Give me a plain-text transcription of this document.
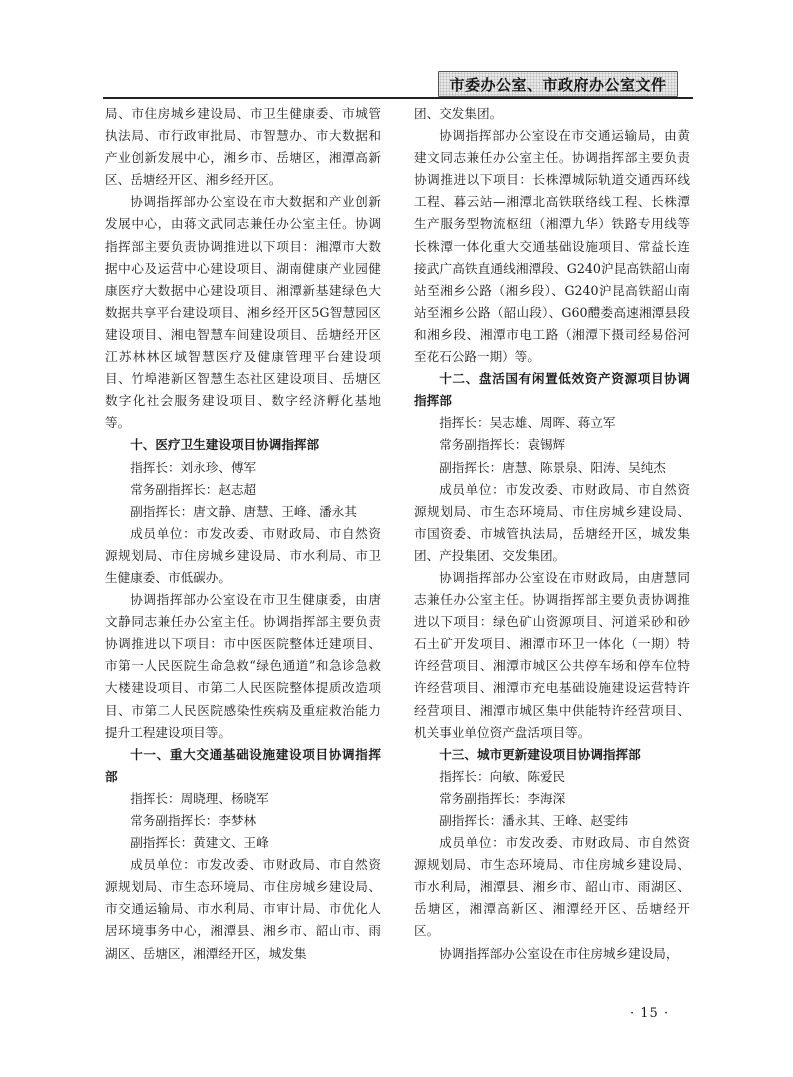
市委办公室、市政府办公室文件

局、市住房城乡建设局、市卫生健康委、市城管执法局、市行政审批局、市智慧办、市大数据和产业创新发展中心，湘乡市、岳塘区，湘潭高新区、岳塘经开区、湘乡经开区。

协调指挥部办公室设在市大数据和产业创新发展中心，由蒋文武同志兼任办公室主任。协调指挥部主要负责协调推进以下项目：湘潭市大数据中心及运营中心建设项目、湖南健康产业园健康医疗大数据中心建设项目、湘潭新基建绿色大数据共享平台建设项目、湘乡经开区5G智慧园区建设项目、湘电智慧车间建设项目、岳塘经开区江苏林林区域智慧医疗及健康管理平台建设项目、竹埠港新区智慧生态社区建设项目、岳塘区数字化社会服务建设项目、数字经济孵化基地等。

十、医疗卫生建设项目协调指挥部

指挥长：刘永珍、傅军

常务副指挥长：赵志超

副指挥长：唐文静、唐慧、王峰、潘永其

成员单位：市发改委、市财政局、市自然资源规划局、市住房城乡建设局、市水利局、市卫生健康委、市低碳办。

协调指挥部办公室设在市卫生健康委，由唐文静同志兼任办公室主任。协调指挥部主要负责协调推进以下项目：市中医医院整体迁建项目、市第一人民医院生命急救“绿色通道”和急诊急救大楼建设项目、市第二人民医院整体提质改造项目、市第二人民医院感染性疾病及重症救治能力提升工程建设项目等。

十一、重大交通基础设施建设项目协调指挥部

指挥长：周晓理、杨晓军

常务副指挥长：李梦林

副指挥长：黄建文、王峰

成员单位：市发改委、市财政局、市自然资源规划局、市生态环境局、市住房城乡建设局、市交通运输局、市水利局、市审计局、市优化人居环境事务中心，湘潭县、湘乡市、韶山市、雨湖区、岳塘区，湘潭经开区，城发集

团、交发集团。

协调指挥部办公室设在市交通运输局，由黄建文同志兼任办公室主任。协调指挥部主要负责协调推进以下项目：长株潭城际轨道交通西环线工程、暮云站—湘潭北高铁联络线工程、长株潭生产服务型物流枢纽（湘潭九华）铁路专用线等长株潭一体化重大交通基础设施项目、常益长连接武广高铁直通线湘潭段、G240沪昆高铁韶山南站至湘乡公路（湘乡段）、G240沪昆高铁韶山南站至湘乡公路（韶山段）、G60醴娄高速湘潭县段和湘乡段、湘潭市电工路（湘潭下摄司经易俗河至花石公路一期）等。

十二、盘活国有闲置低效资产资源项目协调指挥部

指挥长：吴志雄、周晖、蒋立军

常务副指挥长：袁锡辉

副指挥长：唐慧、陈景泉、阳涛、吴纯杰

成员单位：市发改委、市财政局、市自然资源规划局、市生态环境局、市住房城乡建设局、市国资委、市城管执法局，岳塘经开区，城发集团、产投集团、交发集团。

协调指挥部办公室设在市财政局，由唐慧同志兼任办公室主任。协调指挥部主要负责协调推进以下项目：绿色矿山资源项目、河道采砂和砂石土矿开发项目、湘潭市环卫一体化（一期）特许经营项目、湘潭市城区公共停车场和停车位特许经营项目、湘潭市充电基础设施建设运营特许经营项目、湘潭市城区集中供能特许经营项目、机关事业单位资产盘活项目等。

十三、城市更新建设项目协调指挥部

指挥长：向敏、陈爱民

常务副指挥长：李海深

副指挥长：潘永其、王峰、赵雯纬

成员单位：市发改委、市财政局、市自然资源规划局、市生态环境局、市住房城乡建设局、市水利局，湘潭县、湘乡市、韶山市、雨湖区、岳塘区，湘潭高新区、湘潭经开区、岳塘经开区。

协调指挥部办公室设在市住房城乡建设局，

· 15 ·
